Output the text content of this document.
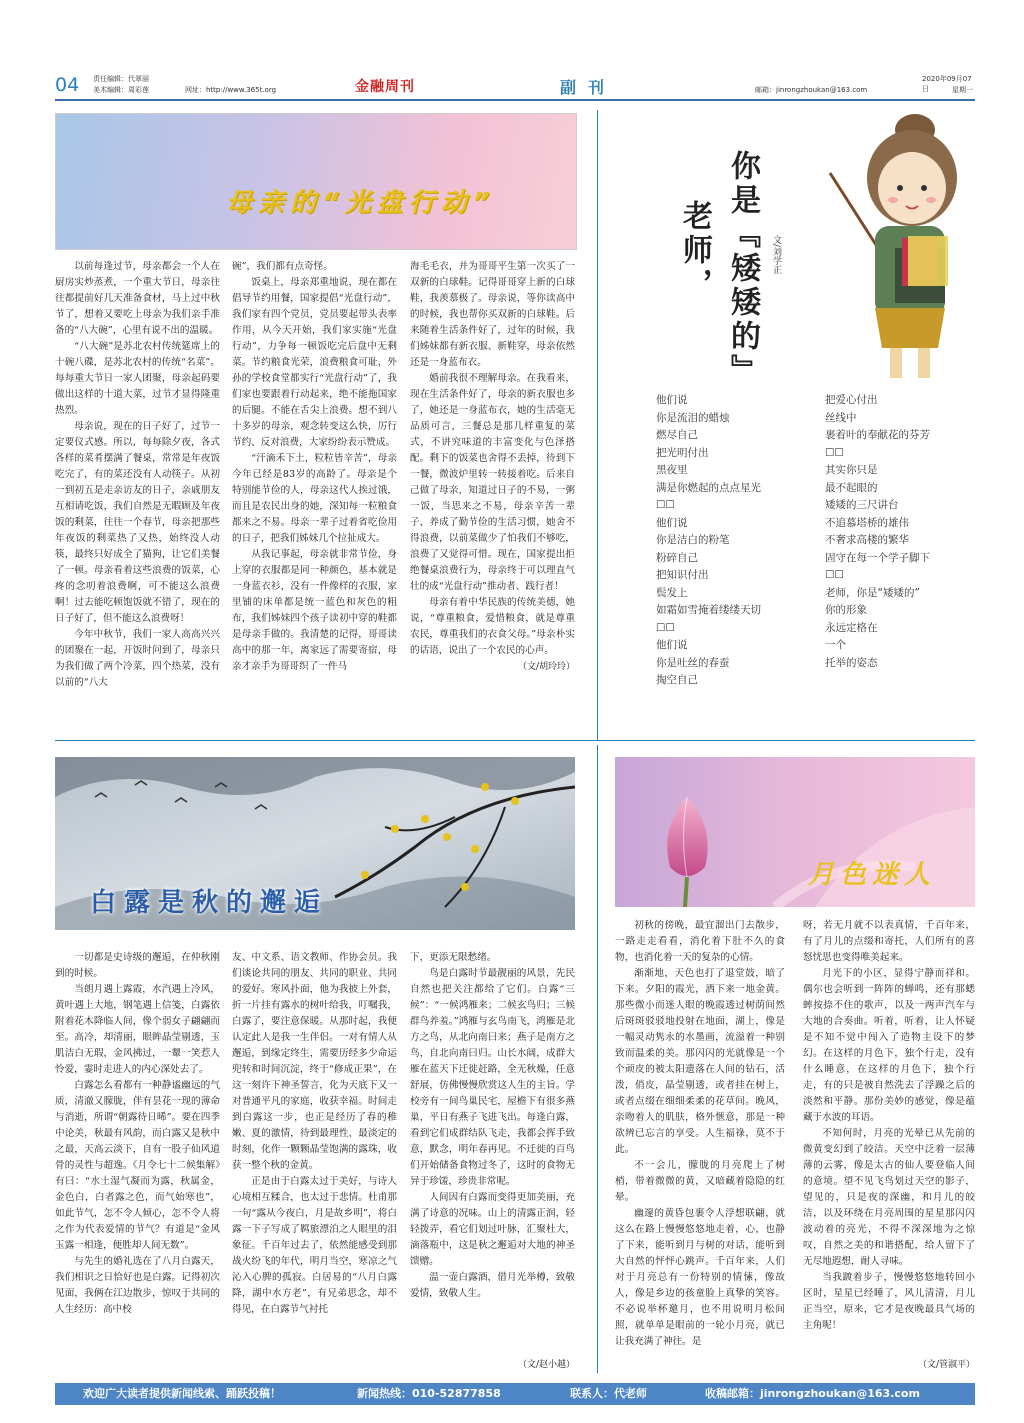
04 责任编辑：代翠丽
美术编辑：周彩莲	网址：http://www.365t.org	金融周刊	副刊	邮箱：jinrongzhoukan@163.com
2020年09月07日	星期一
母亲的“光盘行动”

以前每逢过节，母亲都会一个人在厨房实炒蒸煮，一个重大节日，母亲往往都提前好几天准备食材，马上过中秋节了，想着又要吃上母亲为我们亲手准备的“八大碗”，心里有说不出的温暖。

“八大碗”是苏北农村传统筵席上的十碗八碟，是苏北农村的传统“名菜”。每每重大节日一家人团聚，母亲起码要做出这样的十道大菜，过节才显得隆重热烈。

母亲说，现在的日子好了，过节一定要仪式感。所以，每每除夕夜，各式各样的菜肴摆满了餐桌，常常是年夜饭吃完了，有的菜还没有人动筷子。从初一到初五是走亲访友的日子，亲戚朋友互相请吃饭，我们自然是无暇顾及年夜饭的剩菜，往往一个春节，母亲把那些年夜饭的剩菜热了又热，始终没人动筷，最终只好成全了猫狗，让它们美餐了一顿。母亲看着这些浪费的饭菜，心疼的念叨着浪费啊，可不能这么浪费啊！过去能吃顿饱饭就不错了，现在的日子好了，但不能这么浪费呀！

今年中秋节，我们一家人高高兴兴的团聚在一起，开饭时问到了，母亲只为我们做了两个冷菜，四个热菜，没有以前的“八大

碗”，我们都有点奇怪。

饭桌上，母亲郑重地说，现在都在倡导节约用餐，国家提倡“光盘行动”，我们家有四个党员，党员要起带头表率作用，从今天开始，我们家实施“光盘行动”，力争每一顿饭吃完后盘中无剩菜。节约粮食光荣，浪费粮食可耻，外孙的学校食堂都实行“光盘行动”了，我们家也要跟着行动起来，绝不能拖国家的后腿。不能在舌尖上浪费。想不到八十多岁的母亲，观念转变这么快，厉行节约、反对浪费，大家纷纷表示赞成。

“汗滴禾下土，粒粒皆辛苦”，母亲今年已经是83岁的高龄了。母亲是个特别能节俭的人，母亲这代人挨过饿，而且是农民出身的她，深知每一粒粮食都来之不易。母亲一辈子过着省吃俭用的日子，把我们姊妹几个拉扯成大。

从我记事起，母亲就非常节俭，身上穿的衣服都是同一种颜色，基本就是一身蓝衣衫，没有一件像样的衣服，家里铺的床单都是统一蓝色和灰色的粗布，我们姊妹四个孩子读初中穿的鞋都是母亲手做的。我清楚的记得，哥哥读高中的那一年，离家远了需要寄宿，母亲才亲手为哥哥织了一件马

海毛毛衣，并为哥哥平生第一次买了一双新的白球鞋。记得哥哥穿上新的白球鞋，我羡慕极了。母亲说，等你读高中的时候，我也帮你买双新的白球鞋。后来随着生活条件好了，过年的时候，我们姊妹都有新衣服、新鞋穿，母亲依然还是一身蓝布衣。

婚前我很不理解母亲。在我看来，现在生活条件好了，母亲的新衣服也多了，她还是一身蓝布衣，她的生活毫无品质可言，三餐总是那几样重复的菜式，不讲究味道的丰富变化与色泽搭配。剩下的饭菜也舍得不丢掉，待到下一餐，微波炉里转一转接着吃。后来自己做了母亲，知道过日子的不易，一粥一饭，当思来之不易，母亲辛苦一辈子，养成了勤节俭的生活习惯，她舍不得浪费，以前菜做少了怕我们不够吃，浪费了又觉得可惜。现在，国家提出拒绝餐桌浪费行为，母亲终于可以理直气壮的成“光盘行动”推动者、践行者！

母亲有着中华民族的传统美德，她说，“尊重粮食，爱惜粮食，就是尊重农民，尊重我们的衣食父母。”母亲朴实的话语，说出了一个农民的心声。

（文/胡玲玲）
你是『矮矮的』
老师，	文/刘学正
他们说
你是流泪的蜡烛
燃尽自己
把光明付出
黑夜里
满是你燃起的点点星光
☐☐
他们说
你是洁白的粉笔
粉碎自己
把知识付出
鬓发上
如霜如雪掩着缕缕天切
☐☐
他们说
你是吐丝的春蚕
掏空自己
把爱心付出
丝线中
裹着叶的奉献花的芬芳
☐☐
其实你只是
最不起眼的
矮矮的三尺讲台
不追慕塔桥的雄伟
不奢求高楼的繁华
固守在每一个学子脚下
☐☐
老师，你是“矮矮的”
你的形象
永远定格在
一个
托举的姿态
白露是秋的邂逅

一切都是史诗级的邂逅，在仲秋刚到的时候。

当朗月遇上露霞，水汽遇上冷风，黄叶遇上大地，钢笔遇上信笺，白露依附着花木降临人间，像个弱女子翩翩而至。高冷，却清丽，眼眸晶莹剔透，玉肌洁白无瑕，金风拂过，一颦一笑惹人怜爱，霎时走进人的内心深处去了。

白露怎么看都有一种静谧幽远的气质，清澈又朦胧，伴有昙花一现的薄命与消逝，所谓“朝露待日晞”。要在四季中论美，秋最有风韵，而白露又是秋中之最，天高云淡下，自有一股子仙风道骨的灵性与超逸。《月令七十二候集解》有曰：“水土湿气凝而为露，秋属金，金色白，白者露之色，而气始寒也”，如此节气，怎不令人倾心，怎不令人将之作为代表爱情的节气？有道是“金风玉露一相逢，便胜却人间无数”。

与先生的婚礼选在了八月白露天，我们相识之日恰好也是白露。记得初次见面，我俩在江边散步，惊叹于共同的人生经历：高中校

友、中文系、语文教师、作协会员。我们谈论共同的朋友、共同的职业、共同的爱好。寒风扑面，他为我披上外套，折一片挂有露水的树叶给我，叮嘱我，白露了，要注意保暖。从那时起，我便认定此人是我一生伴侣。一对有情人从邂逅，到缘定终生，需要历经多少命运兜转和时间沉淀，终于“修成正果”，在这一刻许下神圣誓言，化为天底下又一对普通平凡的家庭，收获幸福。时间走到白露这一步，也正是经历了春的稚嫩、夏的激情，待到最理性、最淡定的时刻，化作一颗颗晶莹饱满的露珠，收获一整个秋的金黄。

正是由于白露太过于美好，与诗人心境相互糅合，也太过于悲情。杜甫那一句“露从今夜白，月是故乡明”，将白露一下子写成了羁旅漂泊之人眼里的泪象征。千百年过去了，依然能感受到那战火纷飞的年代，明月当空，寒凉之气沁入心脾的孤寂。白居易的“八月白露降，湖中水方老”，有兄弟思念，却不得见，在白露节气衬托

下，更添无限愁绪。

鸟是白露时节最靓丽的风景，先民自然也把关注都给了它们。白露“三候”：“一候鸿雁来；二候玄鸟归；三候群鸟养羞。”鸿雁与玄鸟南飞，鸿雁是北方之鸟，从北向南曰来；燕子是南方之鸟，自北向南曰归。山长水阔，成群大雁在蓝天下迁徙赶路，全无秋燥，任意舒展，仿佛慢慢欣赏这人生的主旨。学校旁有一间鸟巢民宅，屋檐下有很多燕巢，平日有燕子飞进飞出。每逢白露，看到它们成群结队飞走，我都会挥手致意，默念，明年春再见。不迁徙的百鸟们开始储备食物过冬了，这时的食物无异于珍馐，珍贵非常呢。

人间因有白露而变得更加美丽，充满了诗意的况味。山上的清露正润，轻轻拨弄，看它们划过叶脉，汇聚杜大，滴落瓶中，这是秋之邂逅对大地的神圣馈赠。

温一壶白露酒，借月光举樽，致敬爱情，致敬人生。

（文/赵小越）
月色迷人

初秋的傍晚，最宜溜出门去散步，一路走走看看，消化着下肚不久的食物，也消化着一天的复杂的心情。

渐渐地，天色也打了退堂鼓，暗了下来。夕阳的霞光，洒下来一地金黄。那些微小而迷人眼的晚霞透过树荫间然后斑斑驳驳地投射在地面，湖上，像是一幅灵动隽永的水墨画，流溢着一种别致而温柔的美。那闪闪的光就像是一个个顽皮的被太阳遗落在人间的钻石，活泼，俏皮，晶莹剔透，或者挂在树上，或者点缀在细细柔柔的花草间。晚风，亲吻着人的肌肤，格外惬意，那是一种欲辨已忘言的享受。人生福祿，莫不于此。

不一会儿，朦胧的月亮爬上了树梢，带着微微的黄，又暗藏着隐隐的红晕。

幽邃的黄昏包裹令人浮想联翩，就这么在路上慢慢悠悠地走着，心，也静了下来，能听到月与树的对话，能听到大自然的怦怦心跳声。千百年来，人们对于月亮总有一份特别的情愫，像故人，像是乡边的孩童脸上真挚的笑容。不必说举杯邀月，也不用说明月松间照，就单单是眼前的一轮小月亮，就已让我充满了神往。是

呀，若无月就不以表真情，千百年来，有了月儿的点缀和寄托，人们所有的喜怒忧思也变得唯美起来。

月光下的小区，显得宁静而祥和。偶尔也会听到一阵阵的蝉鸣，还有那蟋蟀按捺不住的歌声，以及一两声汽车与大地的合奏曲。听着，听着，让人怀疑是不知不觉中闯入了造物主设下的梦幻。在这样的月色下，独个行走，没有什么睡意，在这样的月色下，独个行走，有的只是被自然洗去了浮躁之后的淡然和平静。那份美妙的感觉，像是蕴藏于水波的耳语。

不知何时，月亮的光晕已从先前的微黄变幻到了皎洁。天空中泛着一层薄薄的云雾，像是太古的仙人要登临人间的意境。望不见飞鸟划过天空的影子，望见的，只是夜的深幽，和月儿的皎洁，以及环绕在月亮周围的星星那闪闪波动着的亮光，不得不深深地为之惊叹，自然之美的和谐搭配，给人留下了无尽地遐想，耐人寻味。

当我踱着步子，慢慢悠悠地转回小区时，星星已经睡了，风儿清清，月儿正当空，原来，它才是夜晚最具气场的主角呢！

（文/管淑平）
欢迎广大读者提供新闻线索、踊跃投稿！	新闻热线：010-52877858	联系人：代老师	收稿邮箱：jinrongzhoukan@163.com
